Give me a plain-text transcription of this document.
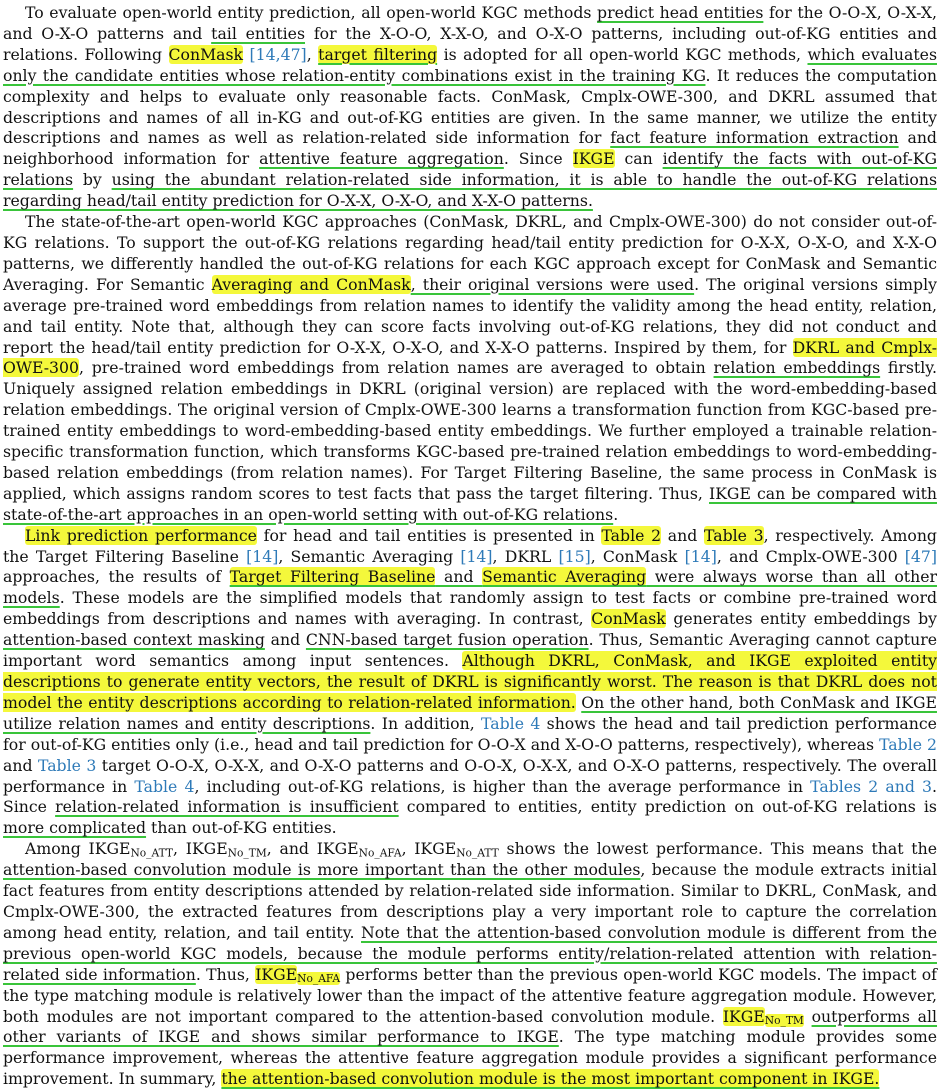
To evaluate open-world entity prediction, all open-world KGC methods predict head entities for the O-O-X, O-X-X, and O-X-O patterns and tail entities for the X-O-O, X-X-O, and O-X-O patterns, including out-of-KG entities and relations. Following ConMask [14,47], target filtering is adopted for all open-world KGC methods, which evaluates only the candidate entities whose relation-entity combinations exist in the training KG. It reduces the computation complexity and helps to evaluate only reasonable facts. ConMask, Cmplx-OWE-300, and DKRL assumed that descriptions and names of all in-KG and out-of-KG entities are given. In the same manner, we utilize the entity descriptions and names as well as relation-related side information for fact feature information extraction and neighborhood information for attentive feature aggregation. Since IKGE can identify the facts with out-of-KG relations by using the abundant relation-related side information, it is able to handle the out-of-KG relations regarding head/tail entity prediction for O-X-X, O-X-O, and X-X-O patterns.

The state-of-the-art open-world KGC approaches (ConMask, DKRL, and Cmplx-OWE-300) do not consider out-of-KG relations. To support the out-of-KG relations regarding head/tail entity prediction for O-X-X, O-X-O, and X-X-O patterns, we differently handled the out-of-KG relations for each KGC approach except for ConMask and Semantic Averaging. For Semantic Averaging and ConMask, their original versions were used. The original versions simply average pre-trained word embeddings from relation names to identify the validity among the head entity, relation, and tail entity. Note that, although they can score facts involving out-of-KG relations, they did not conduct and report the head/tail entity prediction for O-X-X, O-X-O, and X-X-O patterns. Inspired by them, for DKRL and Cmplx-OWE-300, pre-trained word embeddings from relation names are averaged to obtain relation embeddings firstly. Uniquely assigned relation embeddings in DKRL (original version) are replaced with the word-embedding-based relation embeddings. The original version of Cmplx-OWE-300 learns a transformation function from KGC-based pre-trained entity embeddings to word-embedding-based entity embeddings. We further employed a trainable relation-specific transformation function, which transforms KGC-based pre-trained relation embeddings to word-embedding-based relation embeddings (from relation names). For Target Filtering Baseline, the same process in ConMask is applied, which assigns random scores to test facts that pass the target filtering. Thus, IKGE can be compared with state-of-the-art approaches in an open-world setting with out-of-KG relations.

Link prediction performance for head and tail entities is presented in Table 2 and Table 3, respectively. Among the Target Filtering Baseline [14], Semantic Averaging [14], DKRL [15], ConMask [14], and Cmplx-OWE-300 [47] approaches, the results of Target Filtering Baseline and Semantic Averaging were always worse than all other models. These models are the simplified models that randomly assign to test facts or combine pre-trained word embeddings from descriptions and names with averaging. In contrast, ConMask generates entity embeddings by attention-based context masking and CNN-based target fusion operation. Thus, Semantic Averaging cannot capture important word semantics among input sentences. Although DKRL, ConMask, and IKGE exploited entity descriptions to generate entity vectors, the result of DKRL is significantly worst. The reason is that DKRL does not model the entity descriptions according to relation-related information. On the other hand, both ConMask and IKGE utilize relation names and entity descriptions. In addition, Table 4 shows the head and tail prediction performance for out-of-KG entities only (i.e., head and tail prediction for O-O-X and X-O-O patterns, respectively), whereas Table 2 and Table 3 target O-O-X, O-X-X, and O-X-O patterns and O-O-X, O-X-X, and O-X-O patterns, respectively. The overall performance in Table 4, including out-of-KG relations, is higher than the average performance in Tables 2 and 3. Since relation-related information is insufficient compared to entities, entity prediction on out-of-KG relations is more complicated than out-of-KG entities.

Among $IKGE_{No\_ATT}$, $IKGE_{No\_TM}$, and $IKGE_{No\_AFA}$, $IKGE_{No\_ATT}$ shows the lowest performance. This means that the attention-based convolution module is more important than the other modules, because the module extracts initial fact features from entity descriptions attended by relation-related side information. Similar to DKRL, ConMask, and Cmplx-OWE-300, the extracted features from descriptions play a very important role to capture the correlation among head entity, relation, and tail entity. Note that the attention-based convolution module is different from the previous open-world KGC models, because the module performs entity/relation-related attention with relation-related side information. Thus, $IKGE_{No\_AFA}$ performs better than the previous open-world KGC models. The impact of the type matching module is relatively lower than the impact of the attentive feature aggregation module. However, both modules are not important compared to the attention-based convolution module. $IKGE_{No\_TM}$ outperforms all other variants of IKGE and shows similar performance to IKGE. The type matching module provides some performance improvement, whereas the attentive feature aggregation module provides a significant performance improvement. In summary, the attention-based convolution module is the most important component in IKGE.
